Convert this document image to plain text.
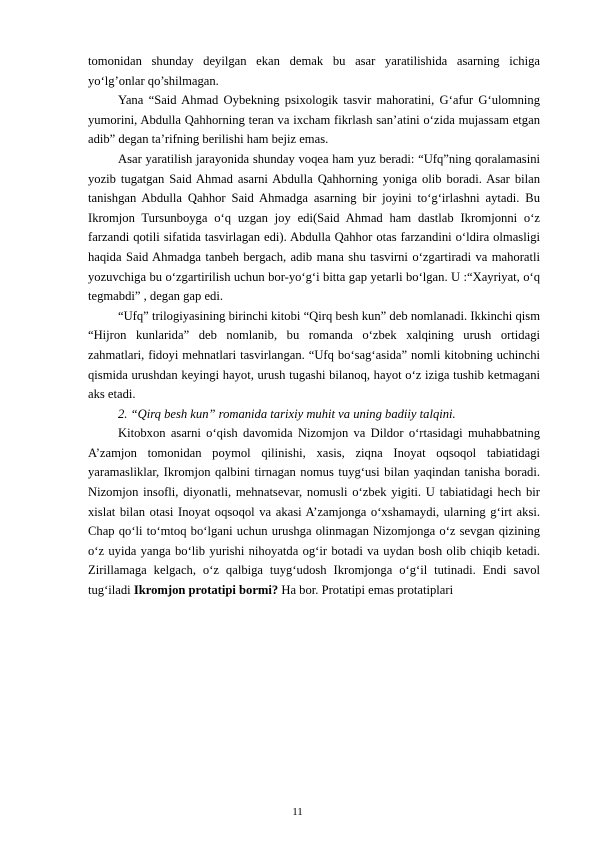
tomonidan shunday deyilgan ekan demak bu asar yaratilishida asarning ichiga yo‘lg’onlar qo’shilmagan.

Yana “Said Ahmad Oybekning psixologik tasvir mahoratini, G‘afur G‘ulomning yumorini, Abdulla Qahhorning teran va ixcham fikrlash san’atini o‘zida mujassam etgan adib” degan ta’rifning berilishi ham bejiz emas.

Asar yaratilish jarayonida shunday voqea ham yuz beradi: “Ufq”ning qoralamasini yozib tugatgan Said Ahmad asarni Abdulla Qahhorning yoniga olib boradi. Asar bilan tanishgan Abdulla Qahhor Said Ahmadga asarning bir joyini to‘g‘irlashni aytadi. Bu Ikromjon Tursunboyga o‘q uzgan joy edi(Said Ahmad ham dastlab Ikromjonni o‘z farzandi qotili sifatida tasvirlagan edi). Abdulla Qahhor otas farzandini o‘ldira olmasligi haqida Said Ahmadga tanbeh bergach, adib mana shu tasvirni o‘zgartiradi va mahoratli yozuvchiga bu o‘zgartirilish uchun bor-yo‘g‘i bitta gap yetarli bo‘lgan. U :“Xayriyat, o‘q tegmabdi” , degan gap edi.

“Ufq” trilogiyasining birinchi kitobi “Qirq besh kun” deb nomlanadi. Ikkinchi qism “Hijron kunlarida” deb nomlanib, bu romanda o‘zbek xalqining urush ortidagi zahmatlari, fidoyi mehnatlari tasvirlangan. “Ufq bo‘sag‘asida” nomli kitobning uchinchi qismida urushdan keyingi hayot, urush tugashi bilanoq, hayot o‘z iziga tushib ketmagani aks etadi.

2. “Qirq besh kun” romanida tarixiy muhit va uning badiiy talqini.

Kitobxon asarni o‘qish davomida Nizomjon va Dildor o‘rtasidagi muhabbatning A’zamjon tomonidan poymol qilinishi, xasis, ziqna Inoyat oqsoqol tabiatidagi yaramasliklar, Ikromjon qalbini tirnagan nomus tuyg‘usi bilan yaqindan tanisha boradi. Nizomjon insofli, diyonatli, mehnatsevar, nomusli o‘zbek yigiti. U tabiatidagi hech bir xislat bilan otasi Inoyat oqsoqol va akasi A’zamjonga o‘xshamaydi, ularning g‘irt aksi. Chap qo‘li to‘mtoq bo‘lgani uchun urushga olinmagan Nizomjonga o‘z sevgan qizining o‘z uyida yanga bo‘lib yurishi nihoyatda og‘ir botadi va uydan bosh olib chiqib ketadi. Zirillamaga kelgach, o‘z qalbiga tuyg‘udosh Ikromjonga o‘g‘il tutinadi. Endi savol tug‘iladi Ikromjon protatipi bormi? Ha bor. Protatipi emas protatiplari

11
